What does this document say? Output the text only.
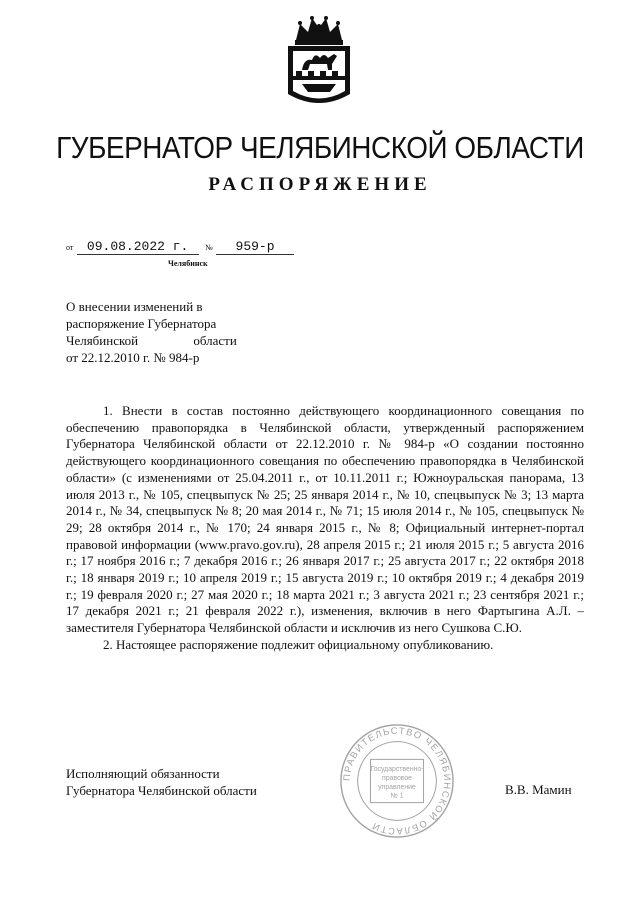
ГУБЕРНАТОР ЧЕЛЯБИНСКОЙ ОБЛАСТИ
РАСПОРЯЖЕНИЕ
от 09.08.2022 г. № 959-р
Челябинск
О внесении изменений в
распоряжение Губернатора
Челябинской области
от 22.12.2010 г. № 984-р

1. Внести в состав постоянно действующего координационного совещания по обеспечению правопорядка в Челябинской области, утвержденный распоряжением Губернатора Челябинской области от 22.12.2010 г. № 984-р «О создании постоянно действующего координационного совещания по обеспечению правопорядка в Челябинской области» (с изменениями от 25.04.2011 г., от 10.11.2011 г.; Южноуральская панорама, 13 июля 2013 г., № 105, спецвыпуск № 25; 25 января 2014 г., № 10, спецвыпуск № 3; 13 марта 2014 г., № 34, спецвыпуск № 8; 20 мая 2014 г., № 71; 15 июля 2014 г., № 105, спецвыпуск № 29; 28 октября 2014 г., № 170; 24 января 2015 г., № 8; Официальный интернет-портал правовой информации (www.pravo.gov.ru), 28 апреля 2015 г.; 21 июля 2015 г.; 5 августа 2016 г.; 17 ноября 2016 г.; 7 декабря 2016 г.; 26 января 2017 г.; 25 августа 2017 г.; 22 октября 2018 г.; 18 января 2019 г.; 10 апреля 2019 г.; 15 августа 2019 г.; 10 октября 2019 г.; 4 декабря 2019 г.; 19 февраля 2020 г.; 27 мая 2020 г.; 18 марта 2021 г.; 3 августа 2021 г.; 23 сентября 2021 г.; 17 декабря 2021 г.; 21 февраля 2022 г.), изменения, включив в него Фартыгина А.Л. – заместителя Губернатора Челябинской области и исключив из него Сушкова С.Ю.

2. Настоящее распоряжение подлежит официальному опубликованию.

Исполняющий обязанности
Губернатора Челябинской области	В.В. Мамин
ПРАВИТЕЛЬСТВО ЧЕЛЯБИНСКОЙ ОБЛАСТИ
Государственно-
правовое
управление
№ 1
